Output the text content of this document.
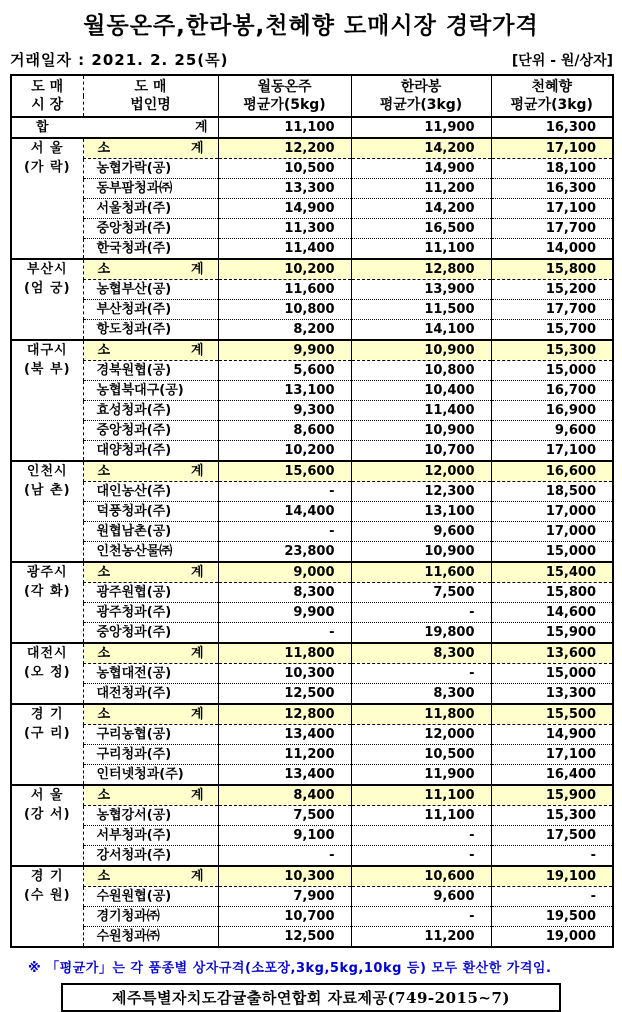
월동온주,한라봉,천혜향 도매시장 경락가격
거래일자 : 2021. 2. 25(목)	[단위 - 원/상자]
도 매	도 매	월동온주	한라봉	천혜향
시 장	법인명	평균가(5kg)	평균가(3kg)	평균가(3kg)

합 계		11,100	11,900	16,300

서 울
(가 락)

소	계	12,200	14,200	17,100
	농협가락(공)	10,500	14,900	18,100
	동부팜청과㈜	13,300	11,200	16,300
	서울청과(주)	14,900	14,200	17,100
	중앙청과(주)	11,300	16,500	17,700
	한국청과(주)	11,400	11,100	14,000

부산시
(엄 궁)

소	계	10,200	12,800	15,800
	농협부산(공)	11,600	13,900	15,200
	부산청과(주)	10,800	11,500	17,700
	항도청과(주)	8,200	14,100	15,700

대구시
(북 부)

소	계	9,900	10,900	15,300
	경북원협(공)	5,600	10,800	15,000
	농협북대구(공)	13,100	10,400	16,700
	효성청과(주)	9,300	11,400	16,900
	중앙청과(주)	8,600	10,900	9,600
	대양청과(주)	10,200	10,700	17,100

인천시
(남 촌)

소	계	15,600	12,000	16,600
	대인농산(주)	-	12,300	18,500
	덕풍청과(주)	14,400	13,100	17,000
	원협남촌(공)	-	9,600	17,000
	인천농산물㈜	23,800	10,900	15,000

광주시
(각 화)

소	계	9,000	11,600	15,400
	광주원협(공)	8,300	7,500	15,800
	광주청과(주)	9,900	-	14,600
	중앙청과(주)	-	19,800	15,900

대전시
(오 정)

소	계	11,800	8,300	13,600
	농협대전(공)	10,300	-	15,000
	대전청과(주)	12,500	8,300	13,300

경 기
(구 리)

소	계	12,800	11,800	15,500
	구리농협(공)	13,400	12,000	14,900
	구리청과(주)	11,200	10,500	17,100
	인터넷청과(주)	13,400	11,900	16,400

서 울
(강 서)

소	계	8,400	11,100	15,900
	농협강서(공)	7,500	11,100	15,300
	서부청과(주)	9,100	-	17,500
	강서청과(주)	-	-	-

경 기
(수 원)

소	계	10,300	10,600	19,100
	수원원협(공)	7,900	9,600	-
	경기청과㈜	10,700	-	19,500
	수원청과㈜	12,500	11,200	19,000
※ 「평균가」는 각 품종별 상자규격(소포장,3kg,5kg,10kg 등) 모두 환산한 가격임.
제주특별자치도감귤출하연합회 자료제공(749-2015~7)
